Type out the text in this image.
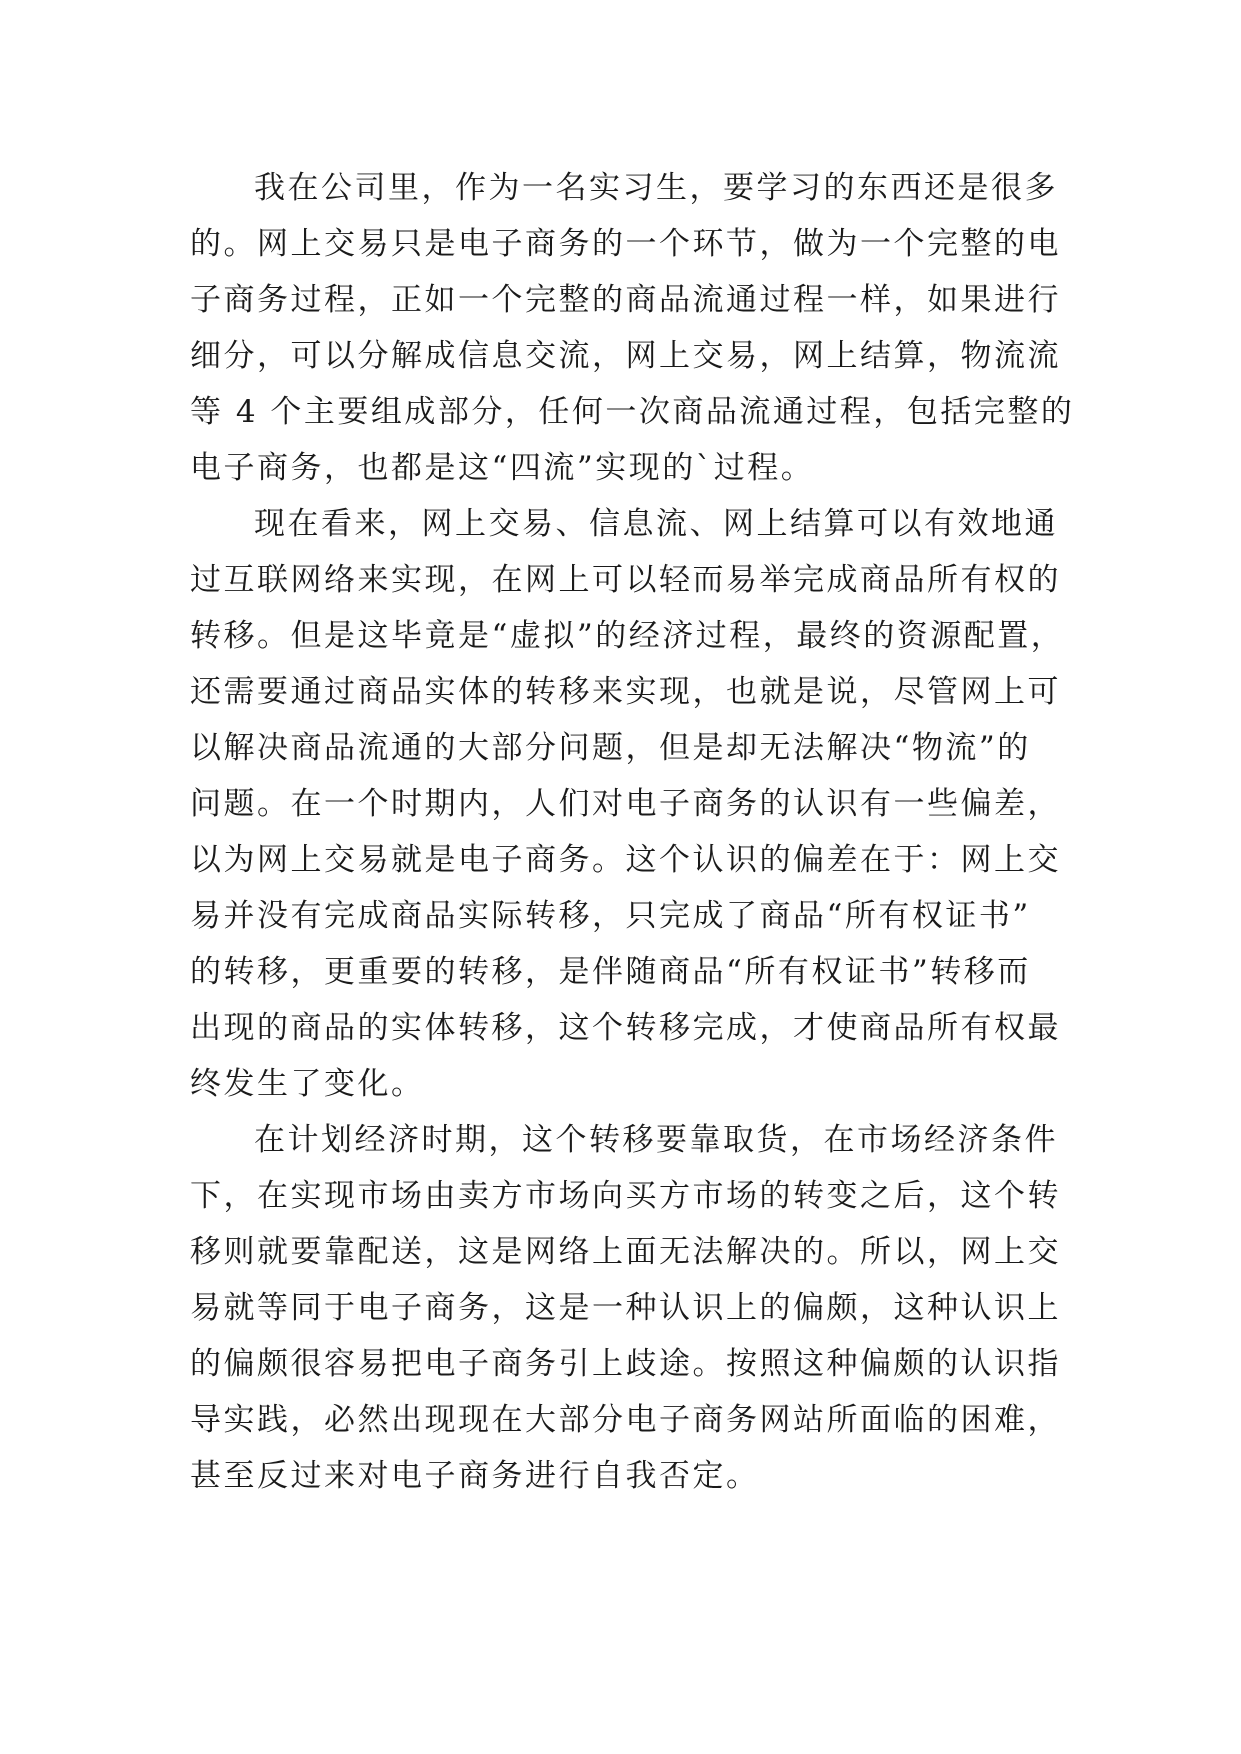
我在公司里，作为一名实习生，要学习的东西还是很多
的。网上交易只是电子商务的一个环节，做为一个完整的电
子商务过程，正如一个完整的商品流通过程一样，如果进行
细分，可以分解成信息交流，网上交易，网上结算，物流流
等 4 个主要组成部分，任何一次商品流通过程，包括完整的
电子商务，也都是这“四流”实现的`过程。
现在看来，网上交易、信息流、网上结算可以有效地通
过互联网络来实现，在网上可以轻而易举完成商品所有权的
转移。但是这毕竟是“虚拟”的经济过程，最终的资源配置，
还需要通过商品实体的转移来实现，也就是说，尽管网上可
以解决商品流通的大部分问题，但是却无法解决“物流”的
问题。在一个时期内，人们对电子商务的认识有一些偏差，
以为网上交易就是电子商务。这个认识的偏差在于：网上交
易并没有完成商品实际转移，只完成了商品“所有权证书”
的转移，更重要的转移，是伴随商品“所有权证书”转移而
出现的商品的实体转移，这个转移完成，才使商品所有权最
终发生了变化。
在计划经济时期，这个转移要靠取货，在市场经济条件
下，在实现市场由卖方市场向买方市场的转变之后，这个转
移则就要靠配送，这是网络上面无法解决的。所以，网上交
易就等同于电子商务，这是一种认识上的偏颇，这种认识上
的偏颇很容易把电子商务引上歧途。按照这种偏颇的认识指
导实践，必然出现现在大部分电子商务网站所面临的困难，
甚至反过来对电子商务进行自我否定。
